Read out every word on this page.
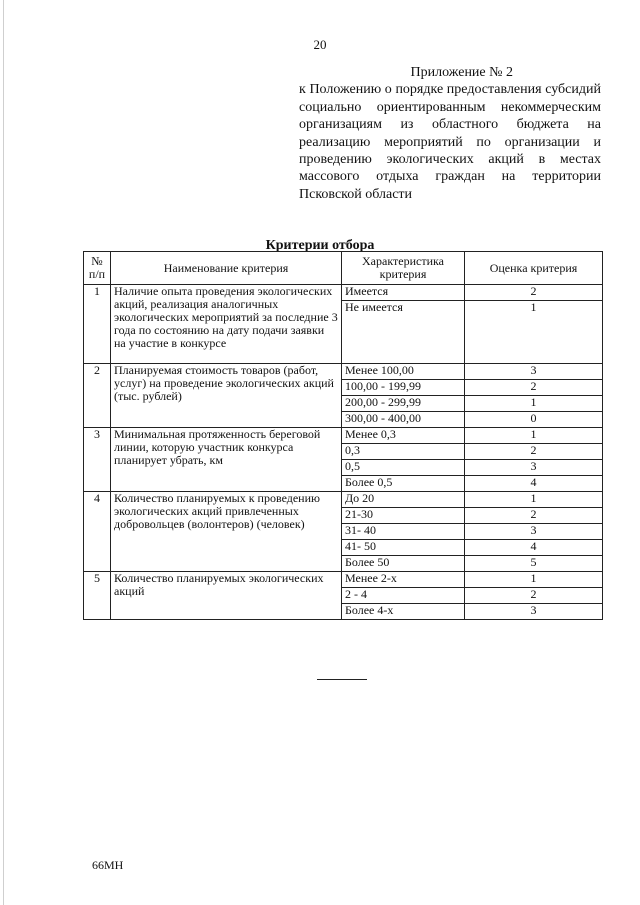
20
Приложение № 2
к Положению о порядке предоставления субсидий социально ориентированным некоммерческим организациям из областного бюджета на реализацию мероприятий по организации и проведению экологических акций в местах массового отдыха граждан на территории Псковской области
Критерии отбора
№ п/п	Наименование критерия	Характеристика критерия	Оценка критерия
1	Наличие опыта проведения экологических акций, реализация аналогичных экологических мероприятий за последние 3 года по состоянию на дату подачи заявки на участие в конкурсе	Имеется	2
		Не имеется	1
2	Планируемая стоимость товаров (работ, услуг) на проведение экологических акций (тыс. рублей)	Менее 100,00	3
		100,00 - 199,99	2
		200,00 - 299,99	1
		300,00 - 400,00	0
3	Минимальная протяженность береговой линии, которую участник конкурса планирует убрать, км	Менее 0,3	1
		0,3	2
		0,5	3
		Более 0,5	4
4	Количество планируемых к проведению экологических акций привлеченных добровольцев (волонтеров) (человек)	До 20	1
		21-30	2
		31- 40	3
		41- 50	4
		Более 50	5
5	Количество планируемых экологических акций	Менее 2-х	1
		2 - 4	2
		Более 4-х	3
66МН
